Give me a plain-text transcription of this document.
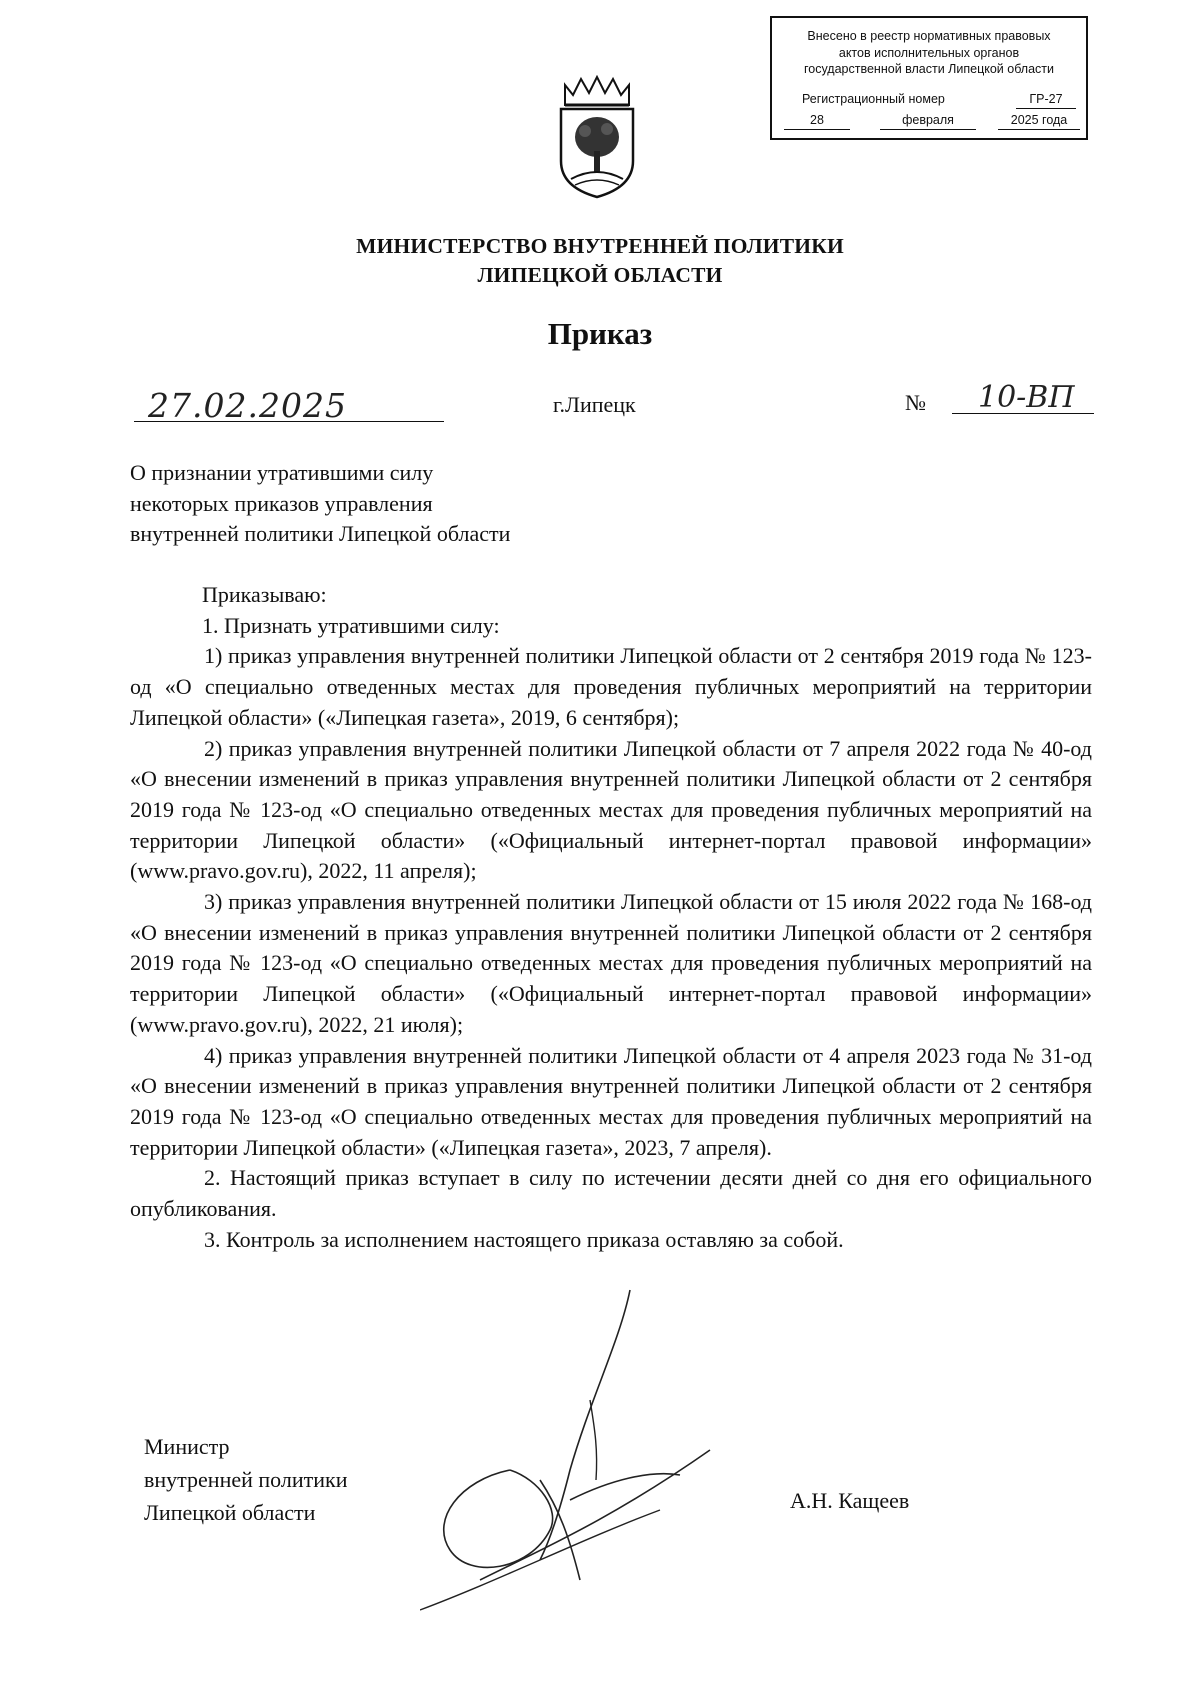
Внесено в реестр нормативных правовых
актов исполнительных органов
государственной власти Липецкой области
Регистрационный номер	ГР-27
28	февраля	2025 года
МИНИСТЕРСТВО ВНУТРЕННЕЙ ПОЛИТИКИ
ЛИПЕЦКОЙ ОБЛАСТИ
Приказ
27.02.2025	г.Липецк	№ 10-ВП
О признании утратившими силу
некоторых приказов управления
внутренней политики Липецкой области

Приказываю:

1. Признать утратившими силу:

1) приказ управления внутренней политики Липецкой области от 2 сентября 2019 года № 123-од «О специально отведенных местах для проведения публичных мероприятий на территории Липецкой области» («Липецкая газета», 2019, 6 сентября);

2) приказ управления внутренней политики Липецкой области от 7 апреля 2022 года № 40-од «О внесении изменений в приказ управления внутренней политики Липецкой области от 2 сентября 2019 года № 123-од «О специально отведенных местах для проведения публичных мероприятий на территории Липецкой области» («Официальный интернет-портал правовой информации» (www.pravo.gov.ru), 2022, 11 апреля);

3) приказ управления внутренней политики Липецкой области от 15 июля 2022 года № 168-од «О внесении изменений в приказ управления внутренней политики Липецкой области от 2 сентября 2019 года № 123-од «О специально отведенных местах для проведения публичных мероприятий на территории Липецкой области» («Официальный интернет-портал правовой информации» (www.pravo.gov.ru), 2022, 21 июля);

4) приказ управления внутренней политики Липецкой области от 4 апреля 2023 года № 31-од «О внесении изменений в приказ управления внутренней политики Липецкой области от 2 сентября 2019 года № 123-од «О специально отведенных местах для проведения публичных мероприятий на территории Липецкой области» («Липецкая газета», 2023, 7 апреля).

2. Настоящий приказ вступает в силу по истечении десяти дней со дня его официального опубликования.

3. Контроль за исполнением настоящего приказа оставляю за собой.

Министр
внутренней политики
Липецкой области	А.Н. Кащеев
